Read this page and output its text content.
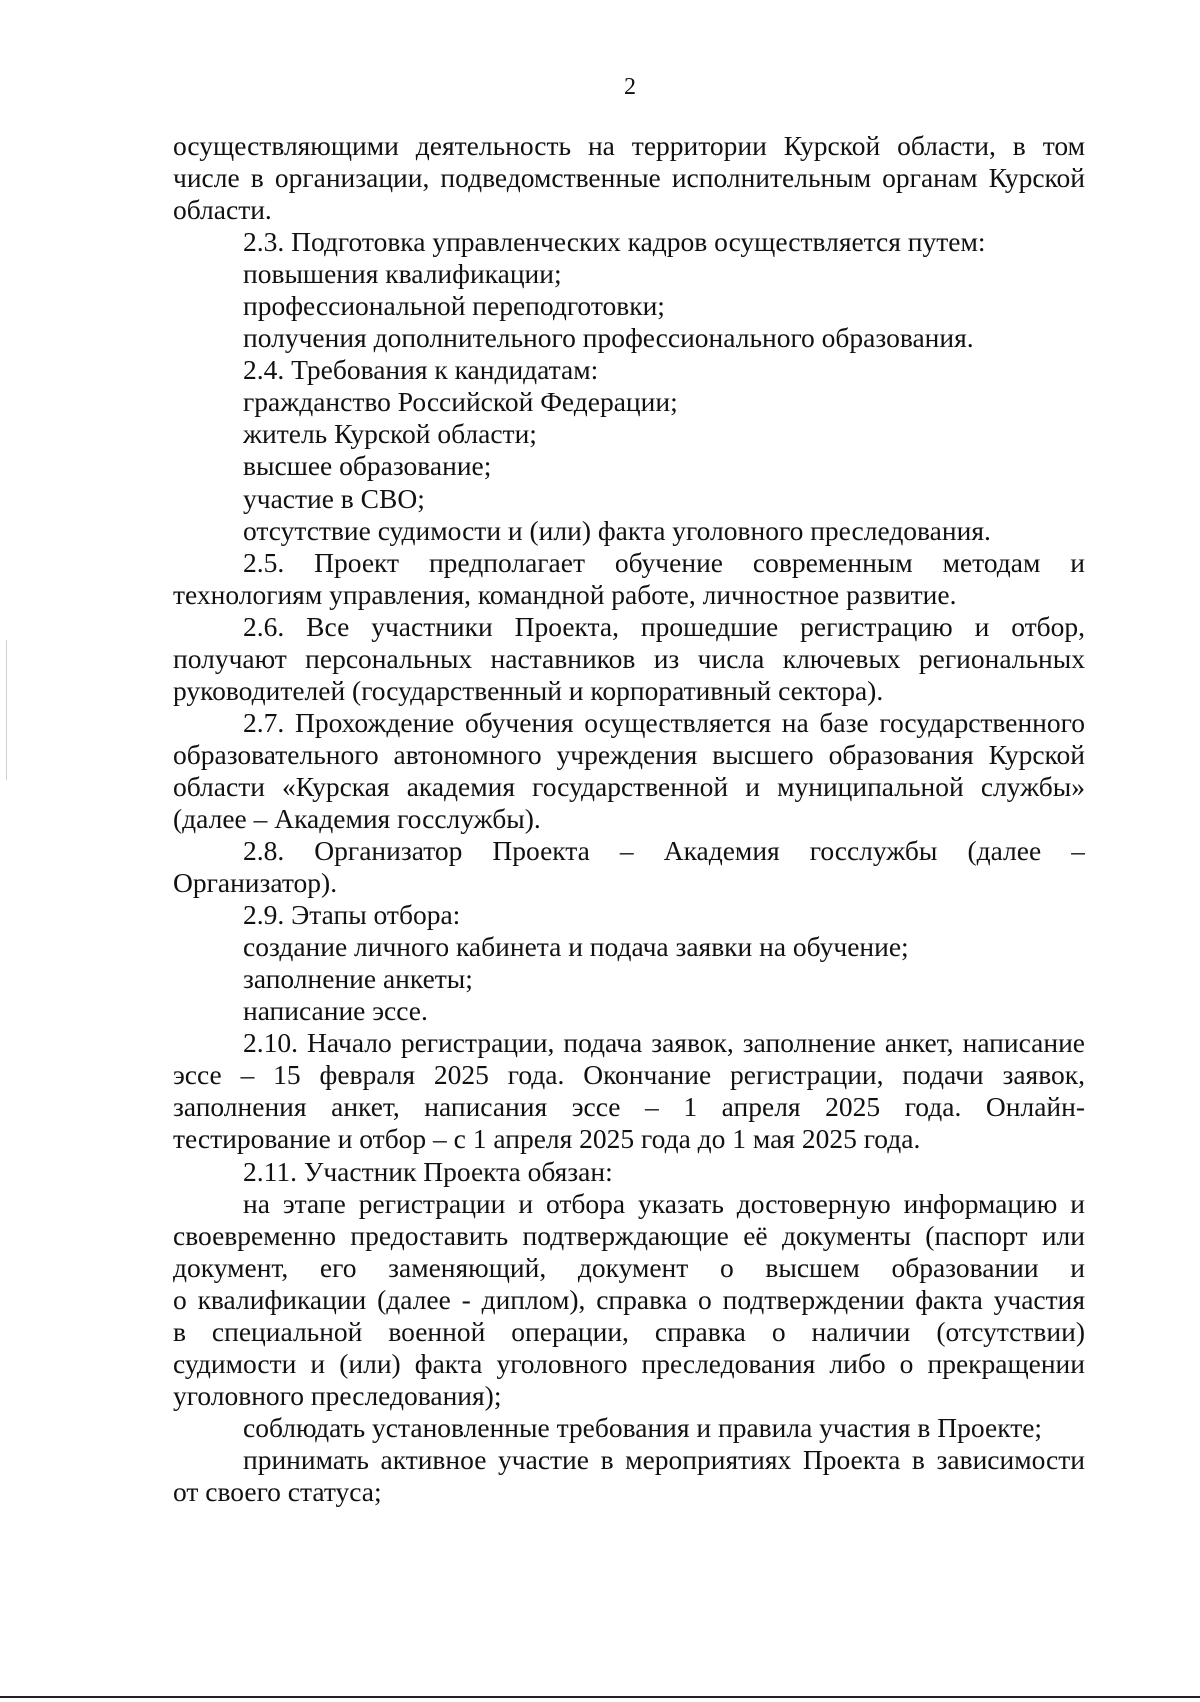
2
осуществляющими деятельность на территории Курской области, в том
числе в организации, подведомственные исполнительным органам Курской
области.
2.3. Подготовка управленческих кадров осуществляется путем:
повышения квалификации;
профессиональной переподготовки;
получения дополнительного профессионального образования.
2.4. Требования к кандидатам:
гражданство Российской Федерации;
житель Курской области;
высшее образование;
участие в СВО;
отсутствие судимости и (или) факта уголовного преследования.
2.5. Проект предполагает обучение современным методам и
технологиям управления, командной работе, личностное развитие.
2.6. Все участники Проекта, прошедшие регистрацию и отбор,
получают персональных наставников из числа ключевых региональных
руководителей (государственный и корпоративный сектора).
2.7. Прохождение обучения осуществляется на базе государственного
образовательного автономного учреждения высшего образования Курской
области «Курская академия государственной и муниципальной службы»
(далее – Академия госслужбы).
2.8. Организатор Проекта – Академия госслужбы (далее –
Организатор).
2.9. Этапы отбора:
создание личного кабинета и подача заявки на обучение;
заполнение анкеты;
написание эссе.
2.10. Начало регистрации, подача заявок, заполнение анкет, написание
эссе – 15 февраля 2025 года. Окончание регистрации, подачи заявок,
заполнения анкет, написания эссе – 1 апреля 2025 года. Онлайн-
тестирование и отбор – с 1 апреля 2025 года до 1 мая 2025 года.
2.11. Участник Проекта обязан:
на этапе регистрации и отбора указать достоверную информацию и
своевременно предоставить подтверждающие её документы (паспорт или
документ, его заменяющий, документ о высшем образовании и
о квалификации (далее - диплом), справка о подтверждении факта участия
в специальной военной операции, справка о наличии (отсутствии)
судимости и (или) факта уголовного преследования либо о прекращении
уголовного преследования);
соблюдать установленные требования и правила участия в Проекте;
принимать активное участие в мероприятиях Проекта в зависимости
от своего статуса;
